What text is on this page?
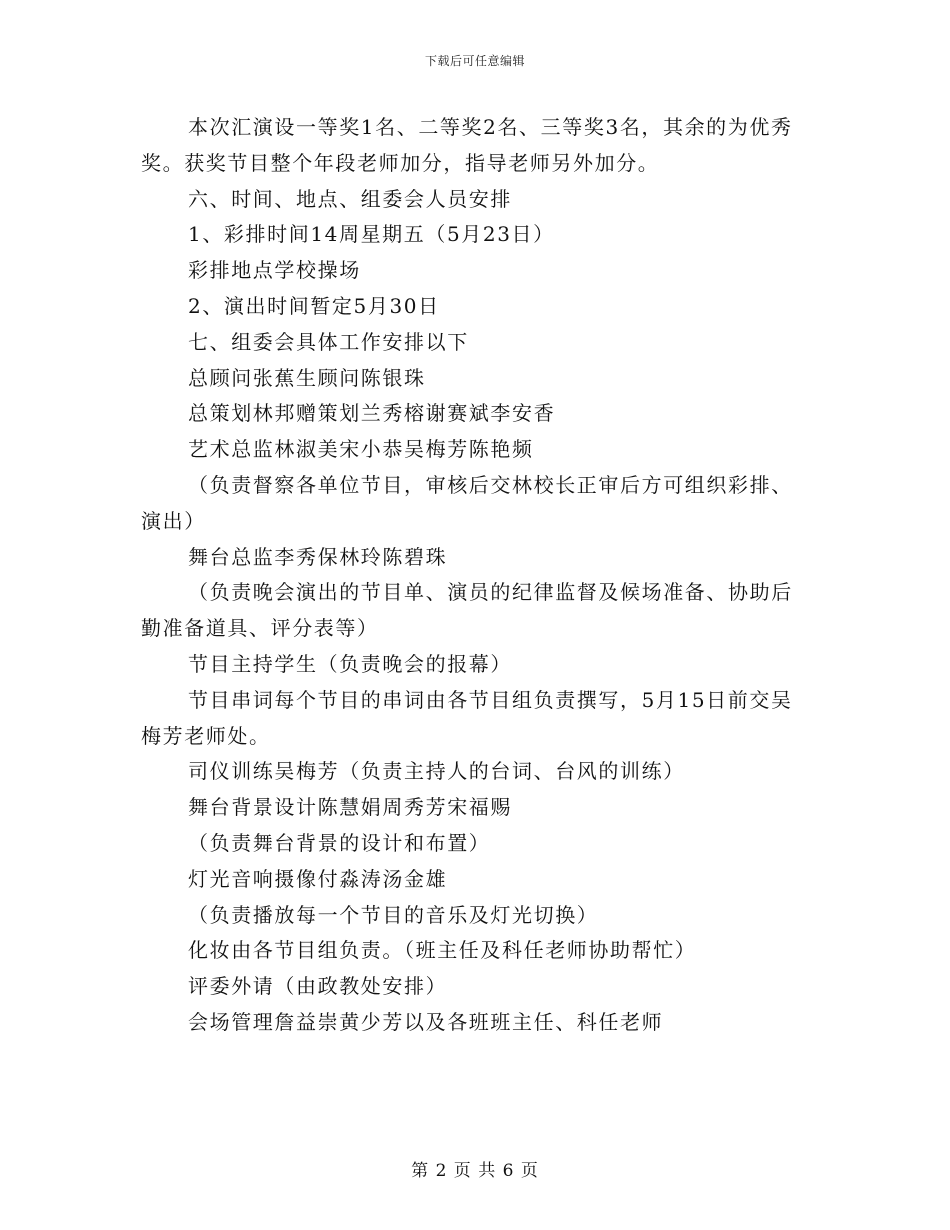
下载后可任意编辑

本次汇演设一等奖1名、二等奖2名、三等奖3名，其余的为优秀奖。获奖节目整个年段老师加分，指导老师另外加分。

六、时间、地点、组委会人员安排

1、彩排时间14周星期五（5月23日）

彩排地点学校操场

2、演出时间暂定5月30日

七、组委会具体工作安排以下

总顾问张蕉生顾问陈银珠

总策划林邦赠策划兰秀榕谢赛斌李安香

艺术总监林淑美宋小恭吴梅芳陈艳频

（负责督察各单位节目，审核后交林校长正审后方可组织彩排、演出）

舞台总监李秀保林玲陈碧珠

（负责晚会演出的节目单、演员的纪律监督及候场准备、协助后勤准备道具、评分表等）

节目主持学生（负责晚会的报幕）

节目串词每个节目的串词由各节目组负责撰写，5月15日前交吴梅芳老师处。

司仪训练吴梅芳（负责主持人的台词、台风的训练）

舞台背景设计陈慧娟周秀芳宋福赐

（负责舞台背景的设计和布置）

灯光音响摄像付淼涛汤金雄

（负责播放每一个节目的音乐及灯光切换）

化妆由各节目组负责。（班主任及科任老师协助帮忙）

评委外请（由政教处安排）

会场管理詹益崇黄少芳以及各班班主任、科任老师

第 2 页 共 6 页
